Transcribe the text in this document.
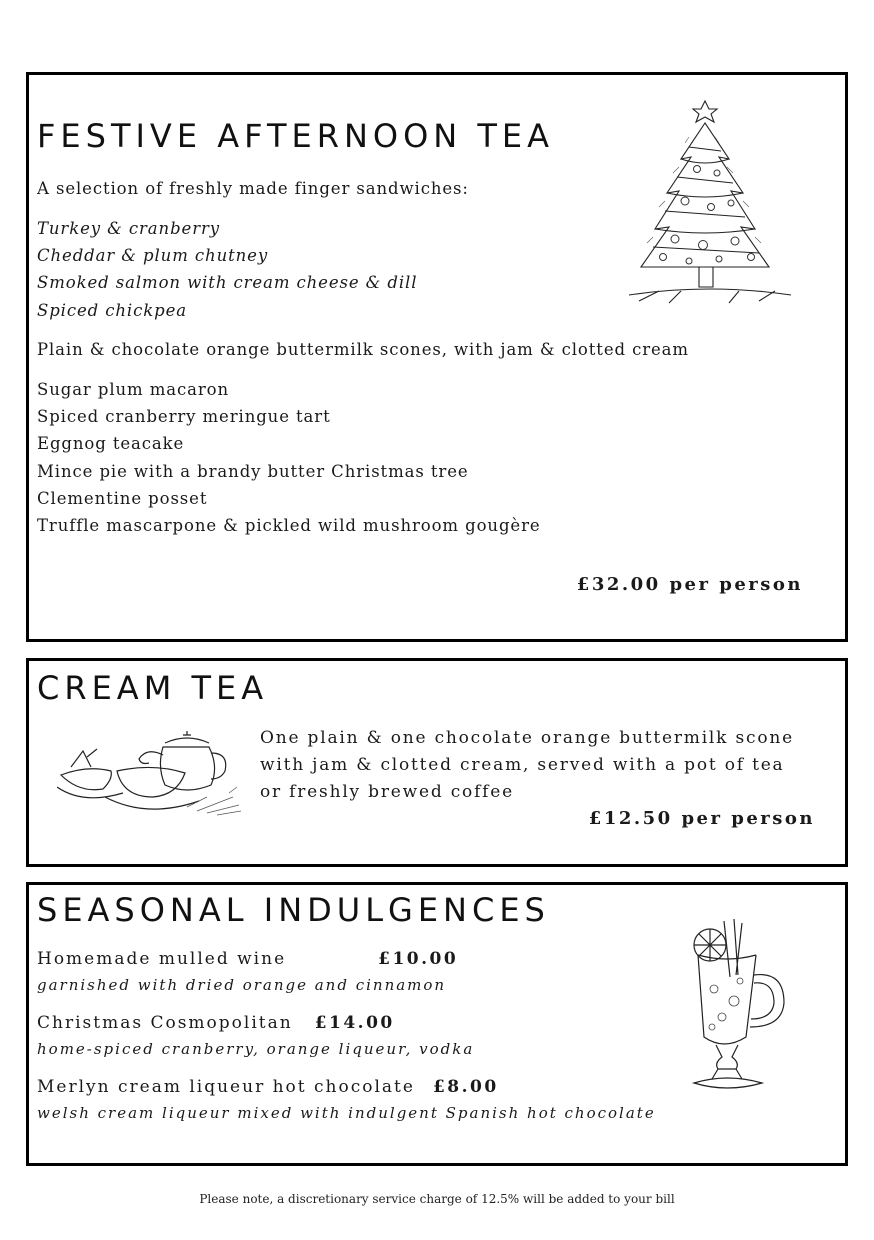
FESTIVE AFTERNOON TEA

A selection of freshly made finger sandwiches:

Turkey & cranberry

Cheddar & plum chutney

Smoked salmon with cream cheese & dill

Spiced chickpea

Plain & chocolate orange buttermilk scones, with jam & clotted cream

Sugar plum macaron

Spiced cranberry meringue tart

Eggnog teacake

Mince pie with a brandy butter Christmas tree

Clementine posset

Truffle mascarpone & pickled wild mushroom gougère

£32.00 per person
CREAM TEA
One plain & one chocolate orange buttermilk scone
with jam & clotted cream, served with a pot of tea
or freshly brewed coffee
£12.50 per person
SEASONAL INDULGENCES
Homemade mulled wine	£10.00
garnished with dried orange and cinnamon
Christmas Cosmopolitan £14.00
home-spiced cranberry, orange liqueur, vodka
Merlyn cream liqueur hot chocolate £8.00
welsh cream liqueur mixed with indulgent Spanish hot chocolate
Please note, a discretionary service charge of 12.5% will be added to your bill
